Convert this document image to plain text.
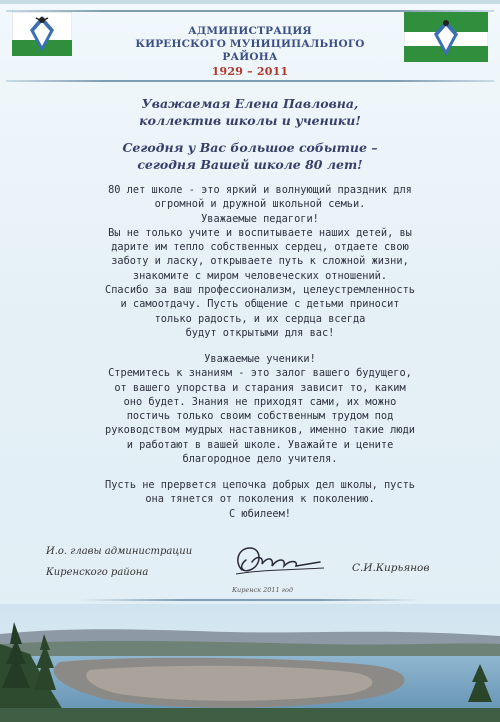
АДМИНИСТРАЦИЯ
КИРЕНСКОГО МУНИЦИПАЛЬНОГО РАЙОНА
1929 – 2011
Уважаемая Елена Павловна,
коллектив школы и ученики!
Сегодня у Вас большое событие –
сегодня Вашей школе 80 лет!
80 лет школе - это яркий и волнующий праздник для
огромной и дружной школьной семьи.
Уважаемые педагоги!
Вы не только учите и воспитываете наших детей, вы
дарите им тепло собственных сердец, отдаете свою
заботу и ласку, открываете путь к сложной жизни,
знакомите с миром человеческих отношений.
Спасибо за ваш профессионализм, целеустремленность
и самоотдачу. Пусть общение с детьми приносит
только радость, и их сердца всегда
будут открытыми для вас!
Уважаемые ученики!
Стремитесь к знаниям - это залог вашего будущего,
от вашего упорства и старания зависит то, каким
оно будет. Знания не приходят сами, их можно
постичь только своим собственным трудом под
руководством мудрых наставников, именно такие люди
и работают в вашей школе. Уважайте и цените
благородное дело учителя.
Пусть не прервется цепочка добрых дел школы, пусть
она тянется от поколения к поколению.
С юбилеем!
И.о. главы администрации
Киренского района	С.И.Кирьянов
Киренск 2011 год
